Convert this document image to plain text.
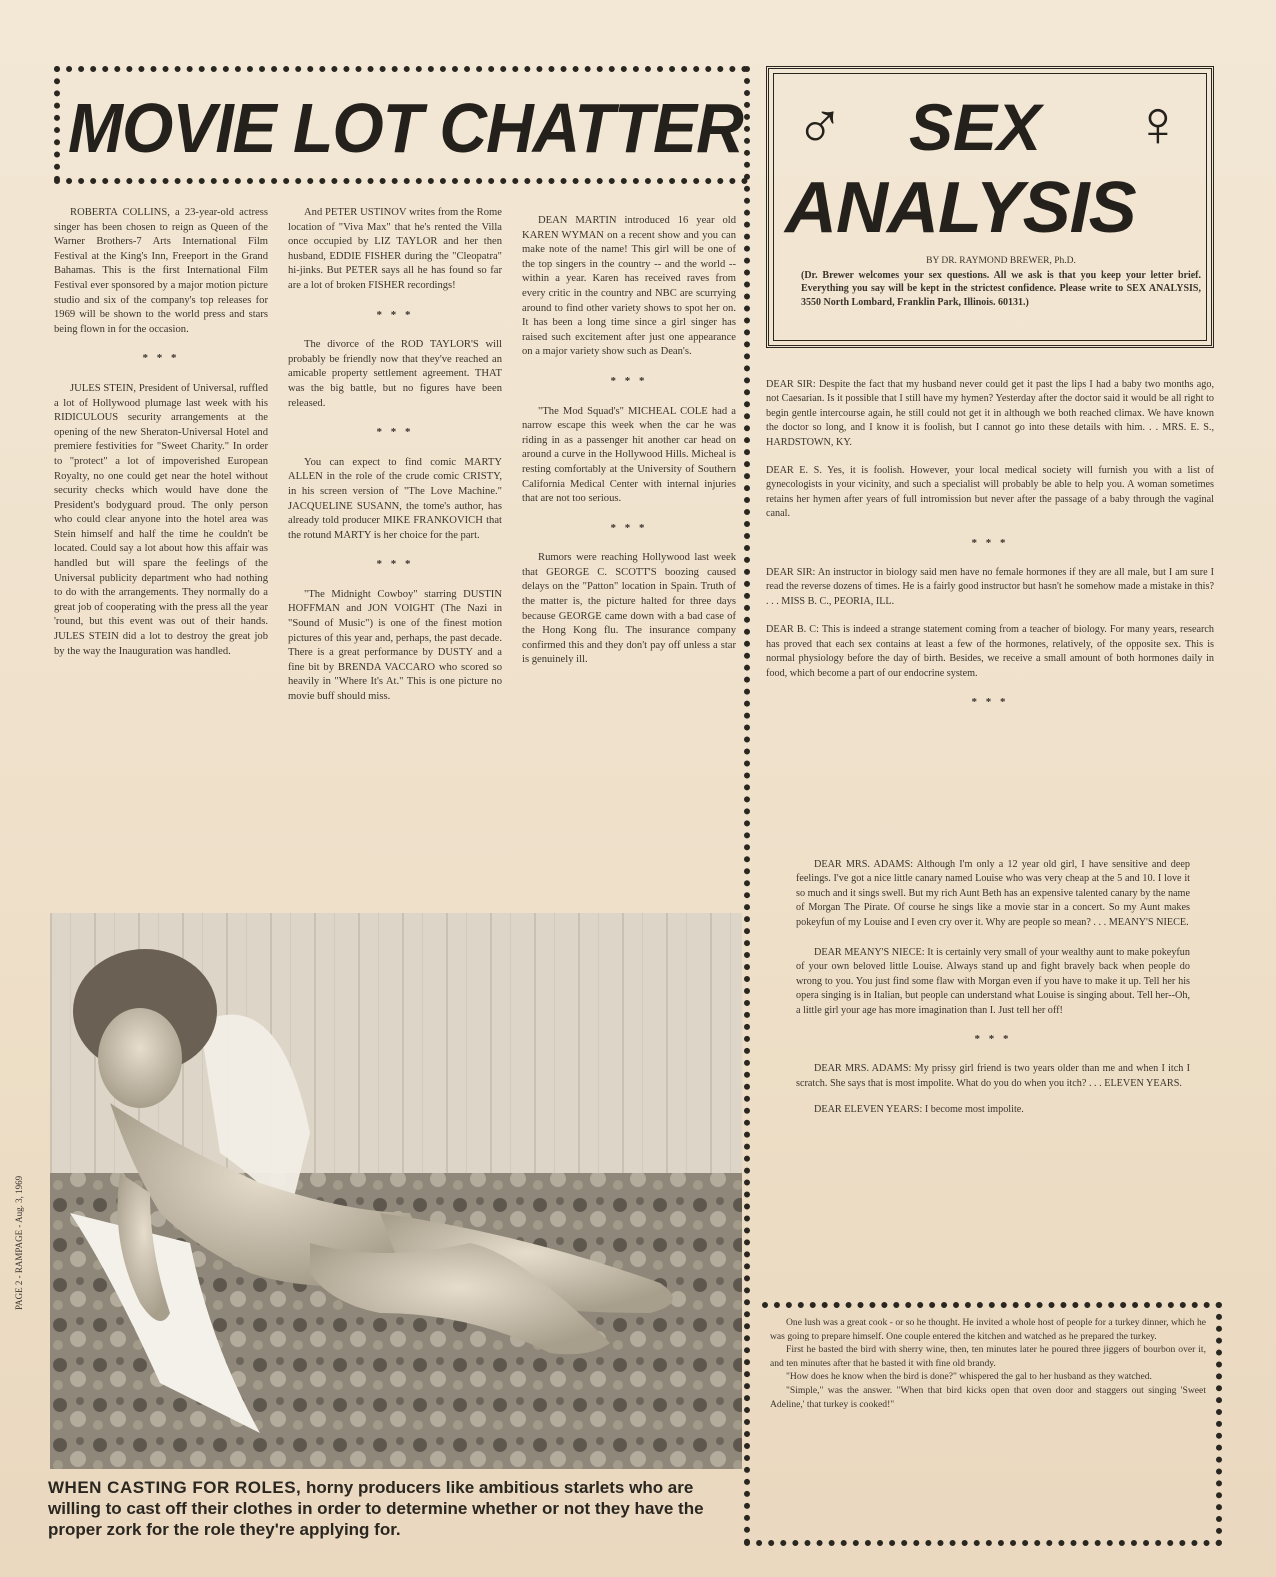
MOVIE LOT CHATTER

ROBERTA COLLINS, a 23-year-old actress singer has been chosen to reign as Queen of the Warner Brothers-7 Arts International Film Festival at the King's Inn, Freeport in the Grand Bahamas. This is the first International Film Festival ever sponsored by a major motion picture studio and six of the company's top releases for 1969 will be shown to the world press and stars being flown in for the occasion.

* * *

JULES STEIN, President of Universal, ruffled a lot of Hollywood plumage last week with his RIDICULOUS security arrangements at the opening of the new Sheraton-Universal Hotel and premiere festivities for "Sweet Charity." In order to "protect" a lot of impoverished European Royalty, no one could get near the hotel without security checks which would have done the President's bodyguard proud. The only person who could clear anyone into the hotel area was Stein himself and half the time he couldn't be located. Could say a lot about how this affair was handled but will spare the feelings of the Universal publicity department who had nothing to do with the arrangements. They normally do a great job of cooperating with the press all the year 'round, but this event was out of their hands. JULES STEIN did a lot to destroy the great job by the way the Inauguration was handled.

And PETER USTINOV writes from the Rome location of "Viva Max" that he's rented the Villa once occupied by LIZ TAYLOR and her then husband, EDDIE FISHER during the "Cleopatra" hi-jinks. But PETER says all he has found so far are a lot of broken FISHER recordings!

* * *

The divorce of the ROD TAYLOR'S will probably be friendly now that they've reached an amicable property settlement agreement. THAT was the big battle, but no figures have been released.

* * *

You can expect to find comic MARTY ALLEN in the role of the crude comic CRISTY, in his screen version of "The Love Machine." JACQUELINE SUSANN, the tome's author, has already told producer MIKE FRANKOVICH that the rotund MARTY is her choice for the part.

* * *

"The Midnight Cowboy" starring DUSTIN HOFFMAN and JON VOIGHT (The Nazi in "Sound of Music") is one of the finest motion pictures of this year and, perhaps, the past decade. There is a great performance by DUSTY and a fine bit by BRENDA VACCARO who scored so heavily in "Where It's At." This is one picture no movie buff should miss.

DEAN MARTIN introduced 16 year old KAREN WYMAN on a recent show and you can make note of the name! This girl will be one of the top singers in the country -- and the world -- within a year. Karen has received raves from every critic in the country and NBC are scurrying around to find other variety shows to spot her on. It has been a long time since a girl singer has raised such excitement after just one appearance on a major variety show such as Dean's.

* * *

"The Mod Squad's" MICHEAL COLE had a narrow escape this week when the car he was riding in as a passenger hit another car head on around a curve in the Hollywood Hills. Micheal is resting comfortably at the University of Southern California Medical Center with internal injuries that are not too serious.

* * *

Rumors were reaching Hollywood last week that GEORGE C. SCOTT'S boozing caused delays on the "Patton" location in Spain. Truth of the matter is, the picture halted for three days because GEORGE came down with a bad case of the Hong Kong flu. The insurance company confirmed this and they don't pay off unless a star is genuinely ill.

WHEN CASTING FOR ROLES, horny producers like ambitious starlets who are willing to cast off their clothes in order to determine whether or not they have the proper zork for the role they're applying for.
PAGE 2 - RAMPAGE - Aug. 3, 1969
♂ SEX ♀
ANALYSIS
BY DR. RAYMOND BREWER, Ph.D.
(Dr. Brewer welcomes your sex questions. All we ask is that you keep your letter brief. Everything you say will be kept in the strictest confidence. Please write to SEX ANALYSIS, 3550 North Lombard, Franklin Park, Illinois. 60131.)

DEAR SIR: Despite the fact that my husband never could get it past the lips I had a baby two months ago, not Caesarian. Is it possible that I still have my hymen? Yesterday after the doctor said it would be all right to begin gentle intercourse again, he still could not get it in although we both reached climax. We have known the doctor so long, and I know it is foolish, but I cannot go into these details with him. . . MRS. E. S., HARDSTOWN, KY.

DEAR E. S. Yes, it is foolish. However, your local medical society will furnish you with a list of gynecologists in your vicinity, and such a specialist will probably be able to help you. A woman sometimes retains her hymen after years of full intromission but never after the passage of a baby through the vaginal canal.

* * *

DEAR SIR: An instructor in biology said men have no female hormones if they are all male, but I am sure I read the reverse dozens of times. He is a fairly good instructor but hasn't he somehow made a mistake in this? . . . MISS B. C., PEORIA, ILL.

DEAR B. C: This is indeed a strange statement coming from a teacher of biology. For many years, research has proved that each sex contains at least a few of the hormones, relatively, of the opposite sex. This is normal physiology before the day of birth. Besides, we receive a small amount of both hormones daily in food, which become a part of our endocrine system.

* * *

DEAR MRS. ADAMS: Although I'm only a 12 year old girl, I have sensitive and deep feelings. I've got a nice little canary named Louise who was very cheap at the 5 and 10. I love it so much and it sings swell. But my rich Aunt Beth has an expensive talented canary by the name of Morgan The Pirate. Of course he sings like a movie star in a concert. So my Aunt makes pokeyfun of my Louise and I even cry over it. Why are people so mean? . . . MEANY'S NIECE.

DEAR MEANY'S NIECE: It is certainly very small of your wealthy aunt to make pokeyfun of your own beloved little Louise. Always stand up and fight bravely back when people do wrong to you. You just find some flaw with Morgan even if you have to make it up. Tell her his opera singing is in Italian, but people can understand what Louise is singing about. Tell her--Oh, a little girl your age has more imagination than I. Just tell her off!

* * *

DEAR MRS. ADAMS: My prissy girl friend is two years older than me and when I itch I scratch. She says that is most impolite. What do you do when you itch? . . . ELEVEN YEARS.

DEAR ELEVEN YEARS: I become most impolite.

One lush was a great cook - or so he thought. He invited a whole host of people for a turkey dinner, which he was going to prepare himself. One couple entered the kitchen and watched as he prepared the turkey.

First he basted the bird with sherry wine, then, ten minutes later he poured three jiggers of bourbon over it, and ten minutes after that he basted it with fine old brandy.

"How does he know when the bird is done?" whispered the gal to her husband as they watched.

"Simple," was the answer. "When that bird kicks open that oven door and staggers out singing 'Sweet Adeline,' that turkey is cooked!"
